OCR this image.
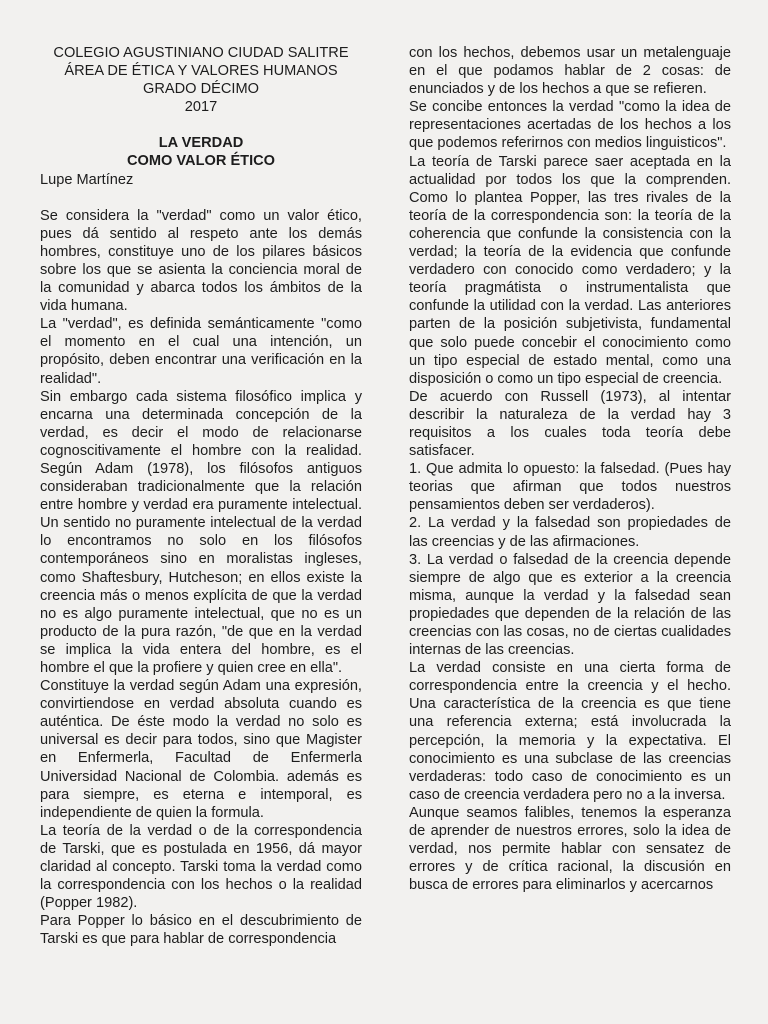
COLEGIO AGUSTINIANO CIUDAD SALITRE
ÁREA DE ÉTICA Y VALORES HUMANOS
GRADO DÉCIMO
2017
LA VERDAD
COMO VALOR ÉTICO
Lupe Martínez

Se considera la "verdad" como un valor ético, pues dá sentido al respeto ante los demás hombres, constituye uno de los pilares básicos sobre los que se asienta la conciencia moral de la comunidad y abarca todos los ámbitos de la vida humana.

La "verdad", es definida semánticamente "como el momento en el cual una intención, un propósito, deben encontrar una verificación en la realidad".

Sin embargo cada sistema filosófico implica y encarna una determinada concepción de la verdad, es decir el modo de relacionarse cognoscitivamente el hombre con la realidad. Según Adam (1978), los filósofos antiguos consideraban tradicionalmente que la relación entre hombre y verdad era puramente intelectual. Un sentido no puramente intelectual de la verdad lo encontramos no solo en los filósofos contemporáneos sino en moralistas ingleses, como Shaftesbury, Hutcheson; en ellos existe la creencia más o menos explícita de que la verdad no es algo puramente intelectual, que no es un producto de la pura razón, "de que en la verdad se implica la vida entera del hombre, es el hombre el que la profiere y quien cree en ella".

Constituye la verdad según Adam una expresión, convirtiendose en verdad absoluta cuando es auténtica. De éste modo la verdad no solo es universal es decir para todos, sino que Magister en Enfermerla, Facultad de Enfermerla Universidad Nacional de Colombia. además es para siempre, es eterna e intemporal, es independiente de quien la formula.

La teoría de la verdad o de la correspondencia de Tarski, que es postulada en 1956, dá mayor claridad al concepto. Tarski toma la verdad como la correspondencia con los hechos o la realidad (Popper 1982).

Para Popper lo básico en el descubrimiento de Tarski es que para hablar de correspondencia

con los hechos, debemos usar un metalenguaje en el que podamos hablar de 2 cosas: de enunciados y de los hechos a que se refieren.

Se concibe entonces la verdad "como la idea de representaciones acertadas de los hechos a los que podemos referirnos con medios linguisticos".

La teoría de Tarski parece saer aceptada en la actualidad por todos los que la comprenden. Como lo plantea Popper, las tres rivales de la teoría de la correspondencia son: la teoría de la coherencia que confunde la consistencia con la verdad; la teoría de la evidencia que confunde verdadero con conocido como verdadero; y la teoría pragmátista o instrumentalista que confunde la utilidad con la verdad. Las anteriores parten de la posición subjetivista, fundamental que solo puede concebir el conocimiento como un tipo especial de estado mental, como una disposición o como un tipo especial de creencia.

De acuerdo con Russell (1973), al intentar describir la naturaleza de la verdad hay 3 requisitos a los cuales toda teoría debe satisfacer.

1. Que admita lo opuesto: la falsedad. (Pues hay teorias que afirman que todos nuestros pensamientos deben ser verdaderos).

2. La verdad y la falsedad son propiedades de las creencias y de las afirmaciones.

3. La verdad o falsedad de la creencia depende siempre de algo que es exterior a la creencia misma, aunque la verdad y la falsedad sean propiedades que dependen de la relación de las creencias con las cosas, no de ciertas cualidades internas de las creencias.

La verdad consiste en una cierta forma de correspondencia entre la creencia y el hecho. Una característica de la creencia es que tiene una referencia externa; está involucrada la percepción, la memoria y la expectativa. El conocimiento es una subclase de las creencias verdaderas: todo caso de conocimiento es un caso de creencia verdadera pero no a la inversa.

Aunque seamos falibles, tenemos la esperanza de aprender de nuestros errores, solo la idea de verdad, nos permite hablar con sensatez de errores y de crítica racional, la discusión en busca de errores para eliminarlos y acercarnos
